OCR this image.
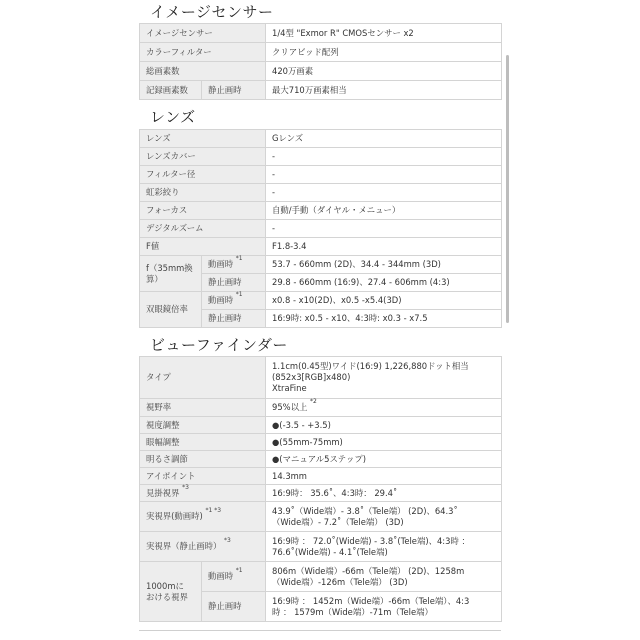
イメージセンサー
イメージセンサー		1/4型 "Exmor R" CMOSセンサー x2
カラーフィルター		クリアビッド配列
総画素数		420万画素
記録画素数	静止画時	最大710万画素相当
レンズ
レンズ		Gレンズ
レンズカバー		-
フィルター径		-
虹彩絞り		-
フォーカス		自動/手動（ダイヤル・メニュー）
デジタルズーム		-
F値		F1.8-3.4
f（35mm換算）	動画時 $^{*1}$	53.7 - 660mm (2D)、34.4 - 344mm (3D)
	静止画時	29.8 - 660mm (16:9)、27.4 - 606mm (4:3)
双眼鏡倍率	動画時 $^{*1}$	x0.8 - x10(2D)、x0.5 -x5.4(3D)
	静止画時	16:9時: x0.5 - x10、4:3時: x0.3 - x7.5
ビューファインダー
タイプ		1.1cm(0.45型)ワイド(16:9) 1,226,880ドット相当
(852x3[RGB]x480)
XtraFine

視野率		95%以上 $^{*2}$
視度調整		●(-3.5 - +3.5)
眼幅調整		●(55mm-75mm)
明るさ調節		●(マニュアル5ステップ)
アイポイント		14.3mm
見掛視界 $^{*3}$		16:9時： 35.6˚、4:3時： 29.4˚
実視界(動画時) $^{*1 *3}$		43.9˚（Wide端）- 3.8˚（Tele端） (2D)、64.3˚
（Wide端）- 7.2˚（Tele端） (3D)

実視界（静止画時） $^{*3}$		16:9時 ： 72.0˚(Wide端) - 3.8˚(Tele端)、4:3時 ：
76.6˚(Wide端) - 4.1˚(Tele端)

1000mに
おける視界	動画時 $^{*1}$	806m（Wide端）-66m（Tele端） (2D)、1258m
（Wide端）-126m（Tele端） (3D)

	静止画時	16:9時 ： 1452m（Wide端）-66m（Tele端）、4:3
時 ： 1579m（Wide端）-71m（Tele端）
